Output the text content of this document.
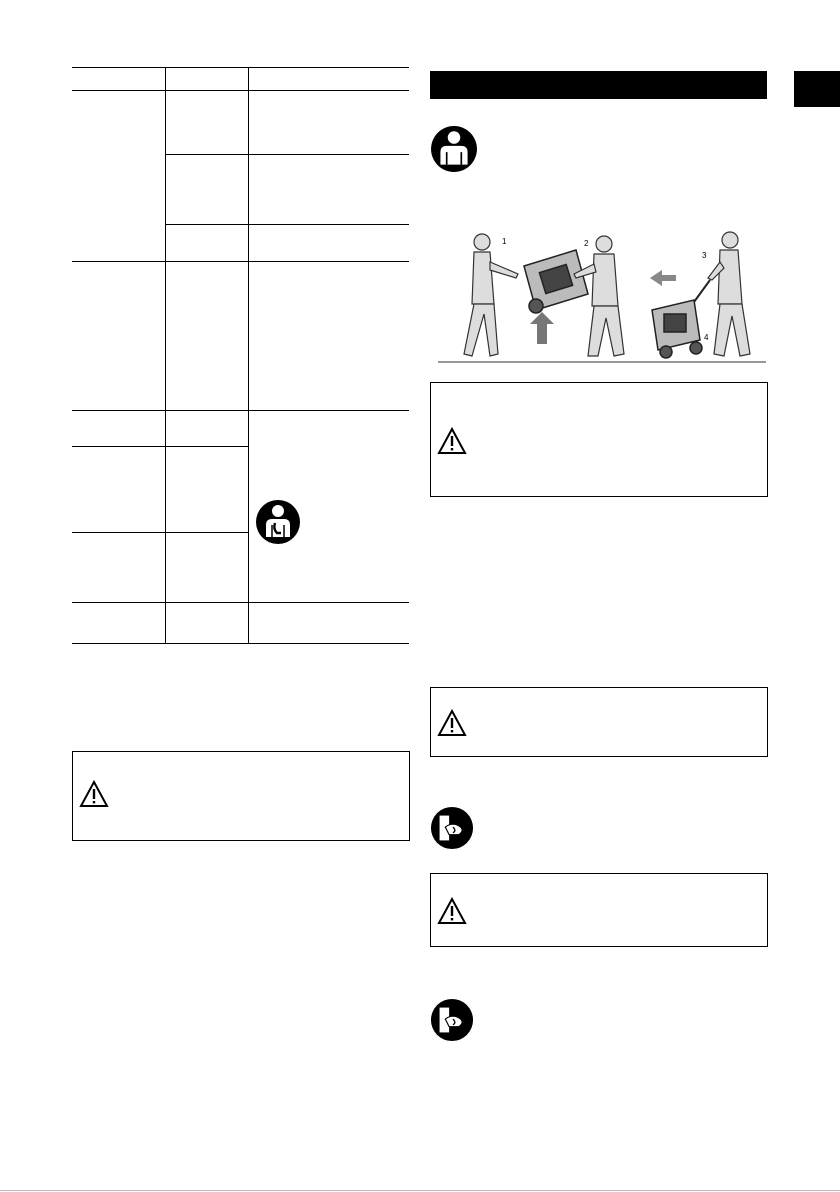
1	2
3
4
